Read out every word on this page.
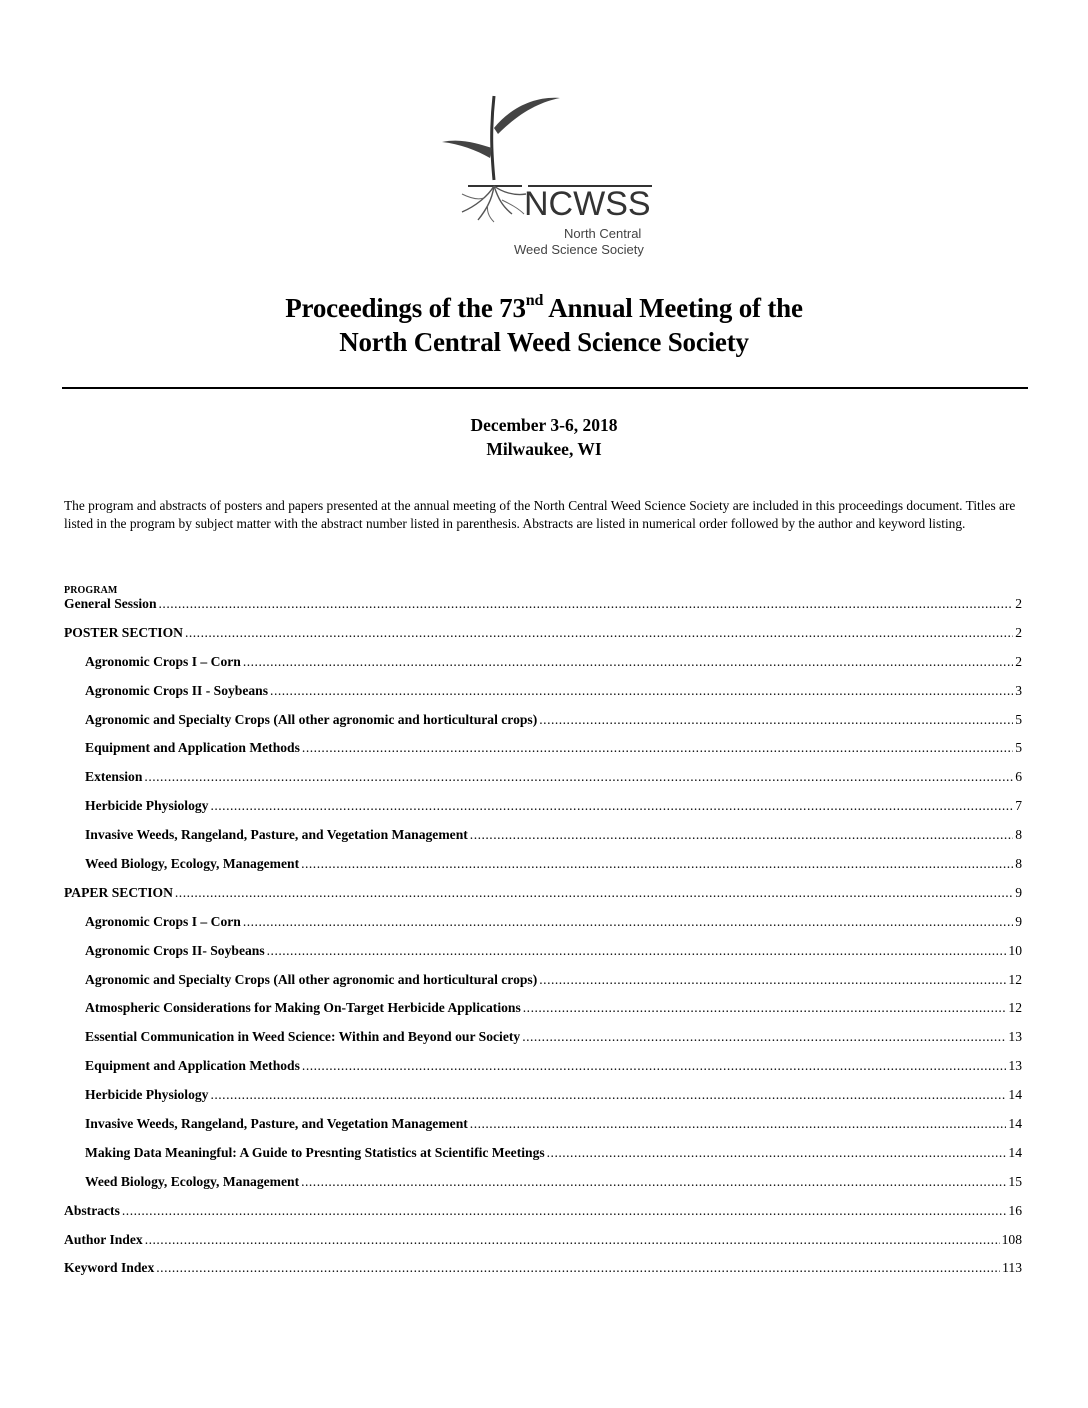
NCWSS
North Central
Weed Science Society
Proceedings of the 73nd Annual Meeting of the
North Central Weed Science Society
December 3-6, 2018
Milwaukee, WI
The program and abstracts of posters and papers presented at the annual meeting of the North Central Weed Science Society are included in this proceedings document. Titles are listed in the program by subject matter with the abstract number listed in parenthesis. Abstracts are listed in numerical order followed by the author and keyword listing.
PROGRAM
General Session .....	2
POSTER SECTION .....	2
Agronomic Crops I – Corn .....	2
Agronomic Crops II - Soybeans .....	3
Agronomic and Specialty Crops (All other agronomic and horticultural crops) .....	5
Equipment and Application Methods .....	5
Extension .....	6
Herbicide Physiology .....	7
Invasive Weeds, Rangeland, Pasture, and Vegetation Management .....	8
Weed Biology, Ecology, Management .....	8
PAPER SECTION .....	9
Agronomic Crops I – Corn .....	9
Agronomic Crops II- Soybeans .....	10
Agronomic and Specialty Crops (All other agronomic and horticultural crops) .....	12
Atmospheric Considerations for Making On-Target Herbicide Applications .....	12
Essential Communication in Weed Science: Within and Beyond our Society .....	13
Equipment and Application Methods .....	13
Herbicide Physiology .....	14
Invasive Weeds, Rangeland, Pasture, and Vegetation Management .....	14
Making Data Meaningful: A Guide to Presnting Statistics at Scientific Meetings .....	14
Weed Biology, Ecology, Management .....	15
Abstracts .....	16
Author Index .....	108
Keyword Index .....	113
